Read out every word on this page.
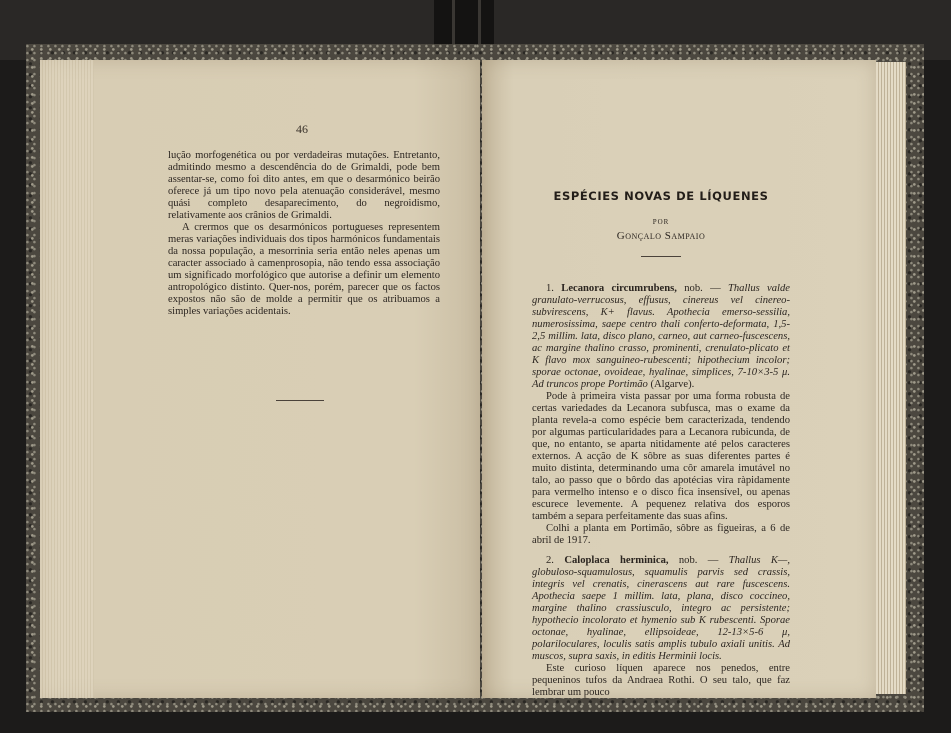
46

lução morfogenética ou por verdadeiras mutações. Entretanto, admitindo mesmo a descendência do de Grimaldi, pode bem assentar-se, como foi dito antes, em que o desarmónico beirão oferece já um tipo novo pela atenuação considerável, mesmo quási completo desaparecimento, do negroidismo, relativamente aos crânios de Grimaldi.

A crermos que os desarmónicos portugueses representem meras variações individuais dos tipos harmónicos fundamentais da nossa população, a mesorrinia seria então neles apenas um caracter associado à camenprosopia, não tendo essa associação um significado morfológico que autorise a definir um elemento antropológico distinto. Quer-nos, porém, parecer que os factos expostos não são de molde a permitir que os atribuamos a simples variações acidentais.

ESPÉCIES NOVAS DE LÍQUENES

POR

Gonçalo Sampaio

1. Lecanora circumrubens, nob. — Thallus valde granulato-verrucosus, effusus, cinereus vel cinereo-subvirescens, K+ flavus. Apothecia emerso-sessilia, numerosissima, saepe centro thali conferto-deformata, 1,5-2,5 millim. lata, disco plano, carneo, aut carneo-fuscescens, ac margine thalino crasso, prominenti, crenulato-plicato et K flavo mox sanguineo-rubescenti; hipothecium incolor; sporae octonae, ovoideae, hyalinae, simplices, 7-10×3-5 μ. Ad truncos prope Portimão (Algarve).

Pode à primeira vista passar por uma forma robusta de certas variedades da Lecanora subfusca, mas o exame da planta revela-a como espécie bem caracterizada, tendendo por algumas particularidades para a Lecanora rubicunda, de que, no entanto, se aparta nitidamente até pelos caracteres externos. A acção de K sôbre as suas diferentes partes é muito distinta, determinando uma côr amarela imutável no talo, ao passo que o bôrdo das apotécias vira ràpidamente para vermelho intenso e o disco fica insensível, ou apenas escurece levemente. A pequenez relativa dos esporos também a separa perfeitamente das suas afins.

Colhi a planta em Portimão, sôbre as figueiras, a 6 de abril de 1917.

2. Caloplaca herminica, nob. — Thallus K—, globuloso-squamulosus, squamulis parvis sed crassis, integris vel crenatis, cinerascens aut rare fuscescens. Apothecia saepe 1 millim. lata, plana, disco coccineo, margine thalino crassiusculo, integro ac persistente; hypothecio incolorato et hymenio sub K rubescenti. Sporae octonae, hyalinae, ellipsoideae, 12-13×5-6 μ, polariloculares, loculis satis amplis tubulo axiali unitis. Ad muscos, supra saxis, in editis Herminii locis.

Este curioso líquen aparece nos penedos, entre pequeninos tufos da Andraea Rothi. O seu talo, que faz lembrar um pouco
